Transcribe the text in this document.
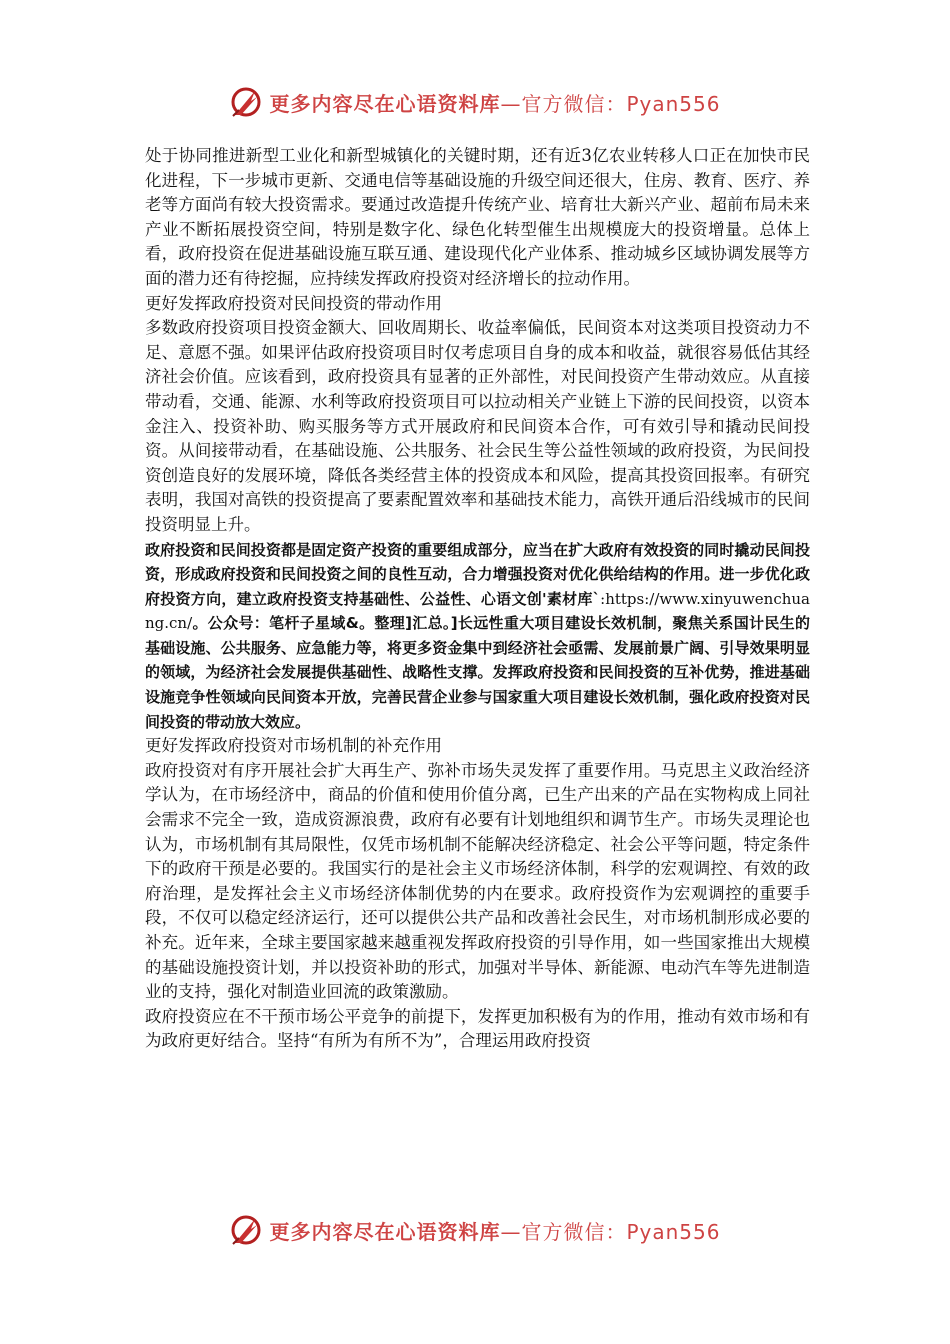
更多内容尽在心语资料库—官方微信：Pyan556

处于协同推进新型工业化和新型城镇化的关键时期，还有近3亿农业转移人口正在加快市民化进程，下一步城市更新、交通电信等基础设施的升级空间还很大，住房、教育、医疗、养老等方面尚有较大投资需求。要通过改造提升传统产业、培育壮大新兴产业、超前布局未来产业不断拓展投资空间，特别是数字化、绿色化转型催生出规模庞大的投资增量。总体上看，政府投资在促进基础设施互联互通、建设现代化产业体系、推动城乡区域协调发展等方面的潜力还有待挖掘，应持续发挥政府投资对经济增长的拉动作用。

更好发挥政府投资对民间投资的带动作用

多数政府投资项目投资金额大、回收周期长、收益率偏低，民间资本对这类项目投资动力不足、意愿不强。如果评估政府投资项目时仅考虑项目自身的成本和收益，就很容易低估其经济社会价值。应该看到，政府投资具有显著的正外部性，对民间投资产生带动效应。从直接带动看，交通、能源、水利等政府投资项目可以拉动相关产业链上下游的民间投资，以资本金注入、投资补助、购买服务等方式开展政府和民间资本合作，可有效引导和撬动民间投资。从间接带动看，在基础设施、公共服务、社会民生等公益性领域的政府投资，为民间投资创造良好的发展环境，降低各类经营主体的投资成本和风险，提高其投资回报率。有研究表明，我国对高铁的投资提高了要素配置效率和基础技术能力，高铁开通后沿线城市的民间投资明显上升。

政府投资和民间投资都是固定资产投资的重要组成部分，应当在扩大政府有效投资的同时撬动民间投资，形成政府投资和民间投资之间的良性互动，合力增强投资对优化供给结构的作用。进一步优化政府投资方向，建立政府投资支持基础性、公益性、心语文创'素材库`:https://www.xinyuwenchuang.cn/。公众号：笔杆子星域&。整理]汇总。]长远性重大项目建设长效机制，聚焦关系国计民生的基础设施、公共服务、应急能力等，将更多资金集中到经济社会亟需、发展前景广阔、引导效果明显的领域，为经济社会发展提供基础性、战略性支撑。发挥政府投资和民间投资的互补优势，推进基础设施竞争性领域向民间资本开放，完善民营企业参与国家重大项目建设长效机制，强化政府投资对民间投资的带动放大效应。

更好发挥政府投资对市场机制的补充作用

政府投资对有序开展社会扩大再生产、弥补市场失灵发挥了重要作用。马克思主义政治经济学认为，在市场经济中，商品的价值和使用价值分离，已生产出来的产品在实物构成上同社会需求不完全一致，造成资源浪费，政府有必要有计划地组织和调节生产。市场失灵理论也认为，市场机制有其局限性，仅凭市场机制不能解决经济稳定、社会公平等问题，特定条件下的政府干预是必要的。我国实行的是社会主义市场经济体制，科学的宏观调控、有效的政府治理，是发挥社会主义市场经济体制优势的内在要求。政府投资作为宏观调控的重要手段，不仅可以稳定经济运行，还可以提供公共产品和改善社会民生，对市场机制形成必要的补充。近年来，全球主要国家越来越重视发挥政府投资的引导作用，如一些国家推出大规模的基础设施投资计划，并以投资补助的形式，加强对半导体、新能源、电动汽车等先进制造业的支持，强化对制造业回流的政策激励。

政府投资应在不干预市场公平竞争的前提下，发挥更加积极有为的作用，推动有效市场和有为政府更好结合。坚持“有所为有所不为”，合理运用政府投资

更多内容尽在心语资料库—官方微信：Pyan556
